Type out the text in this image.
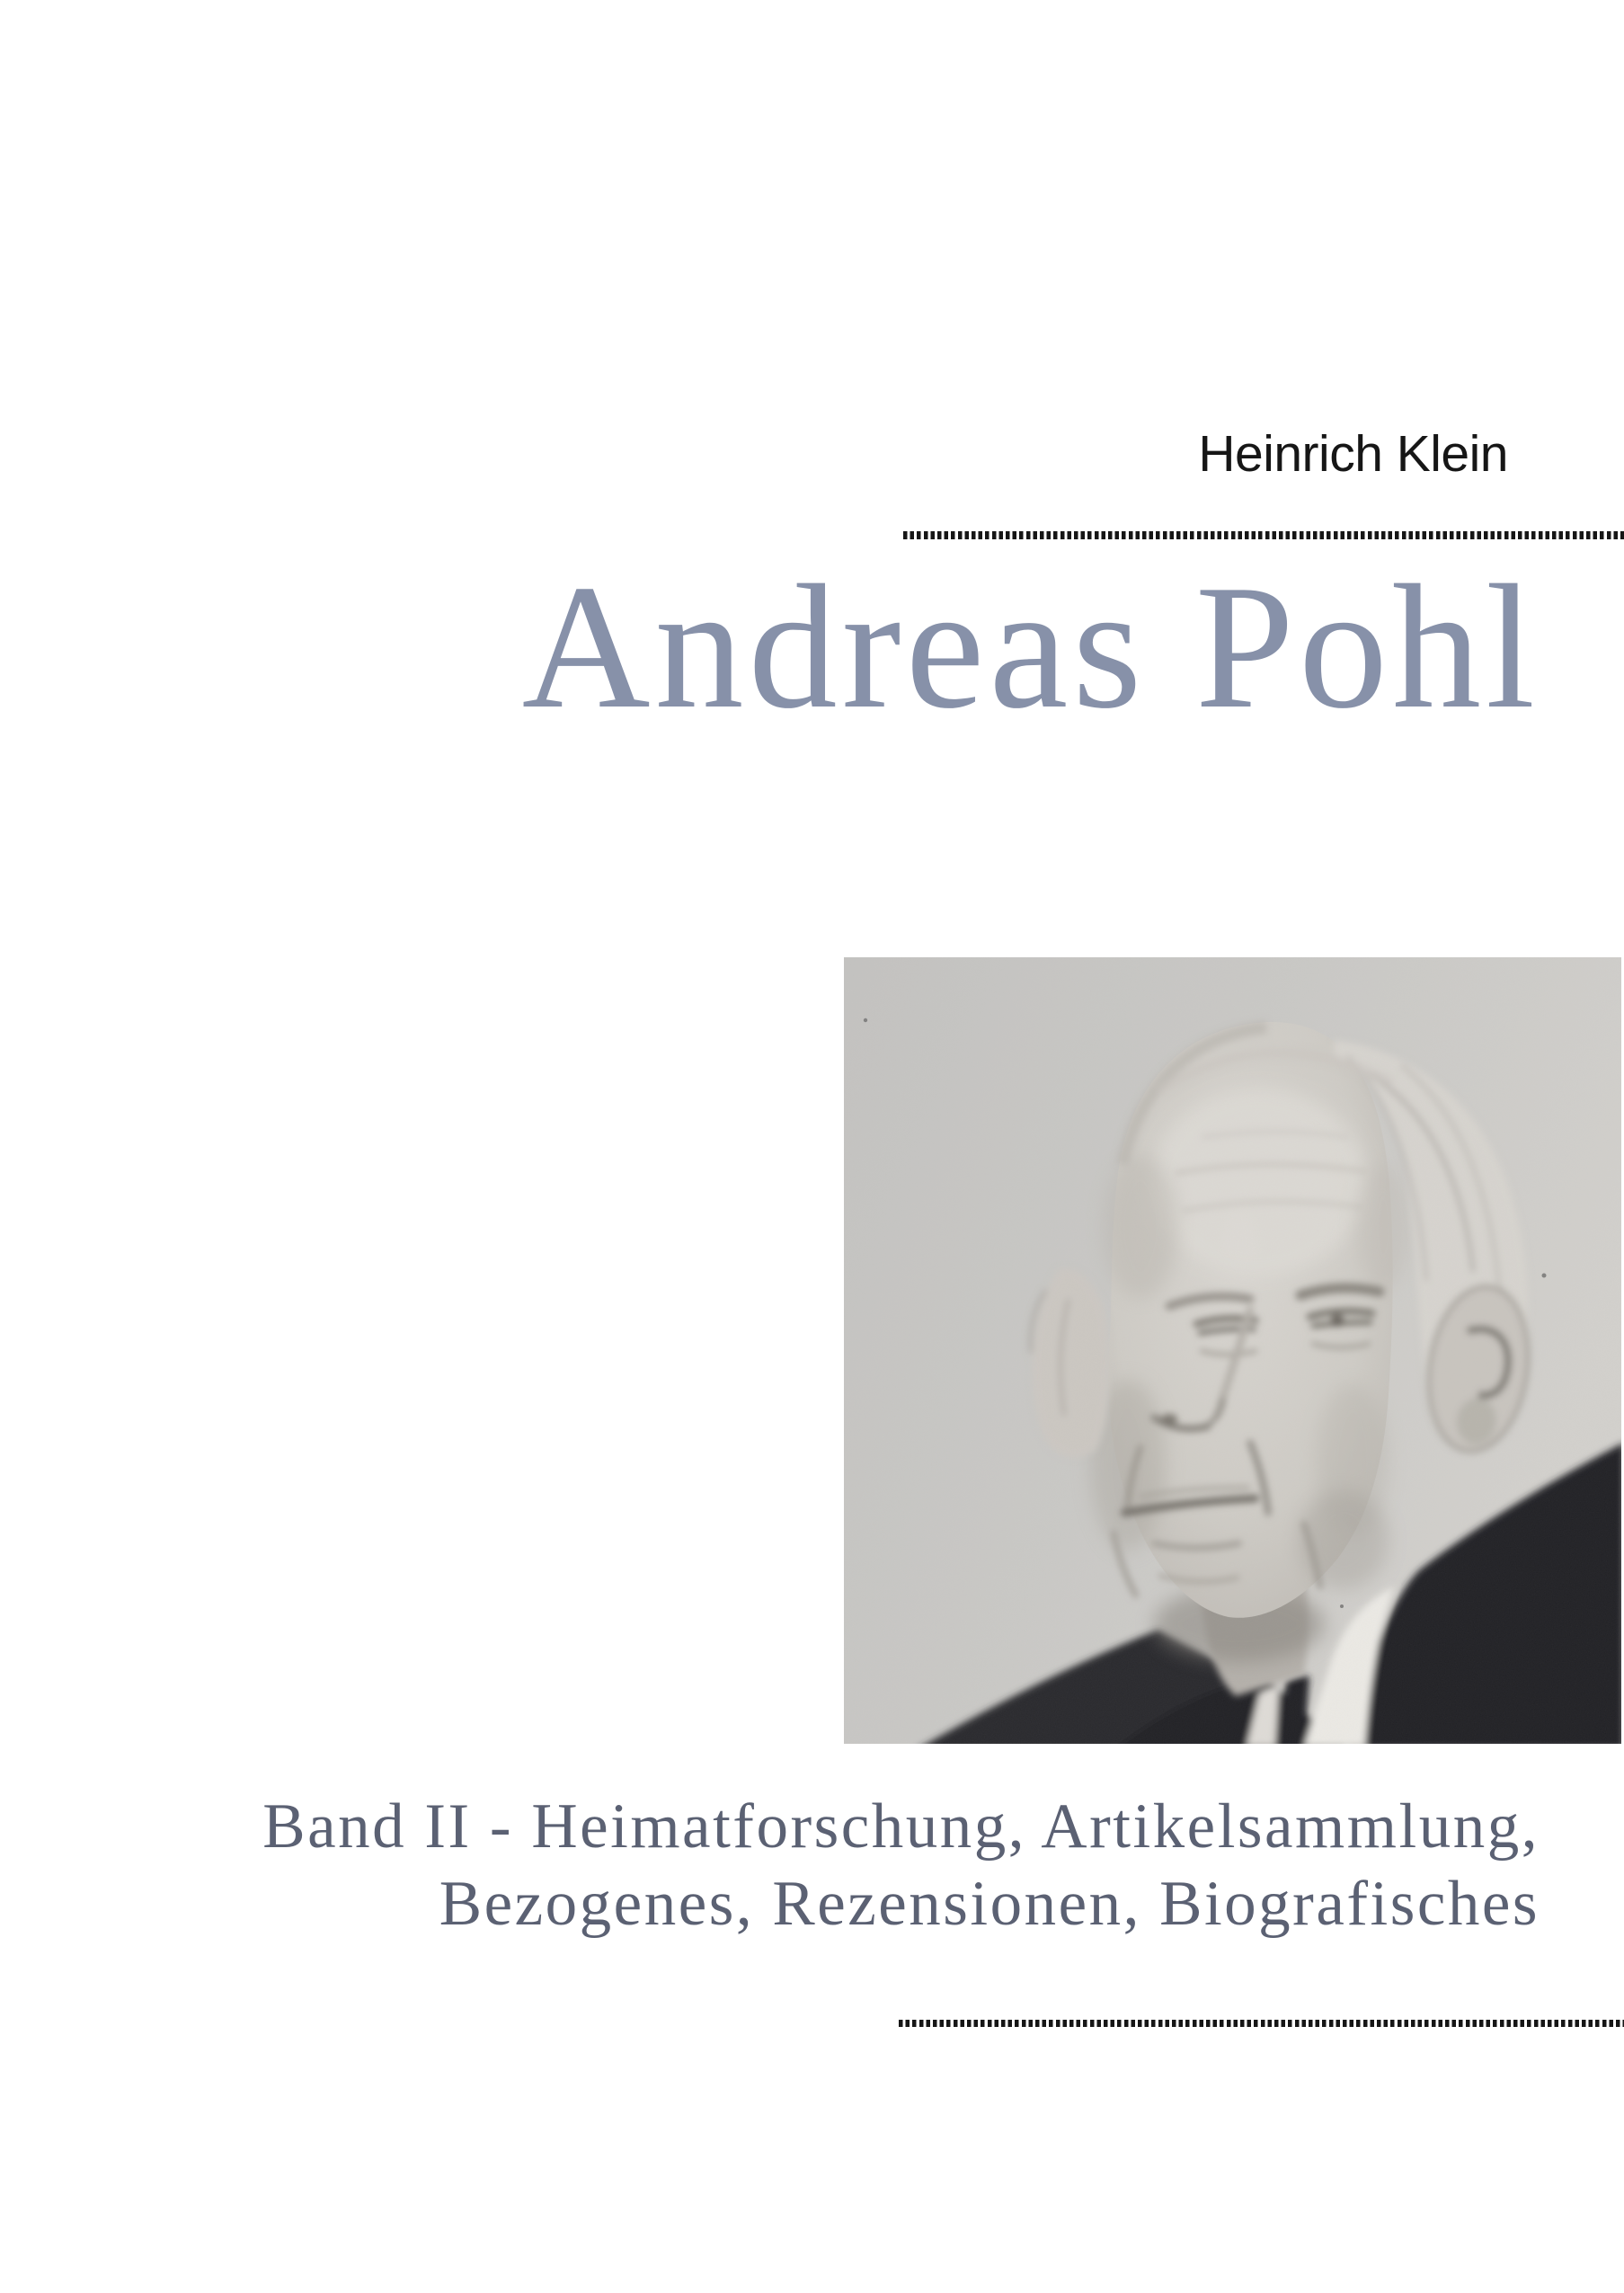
Heinrich Klein
Andreas Pohl
Band II - Heimatforschung, Artikelsammlung,
Bezogenes, Rezensionen, Biografisches
